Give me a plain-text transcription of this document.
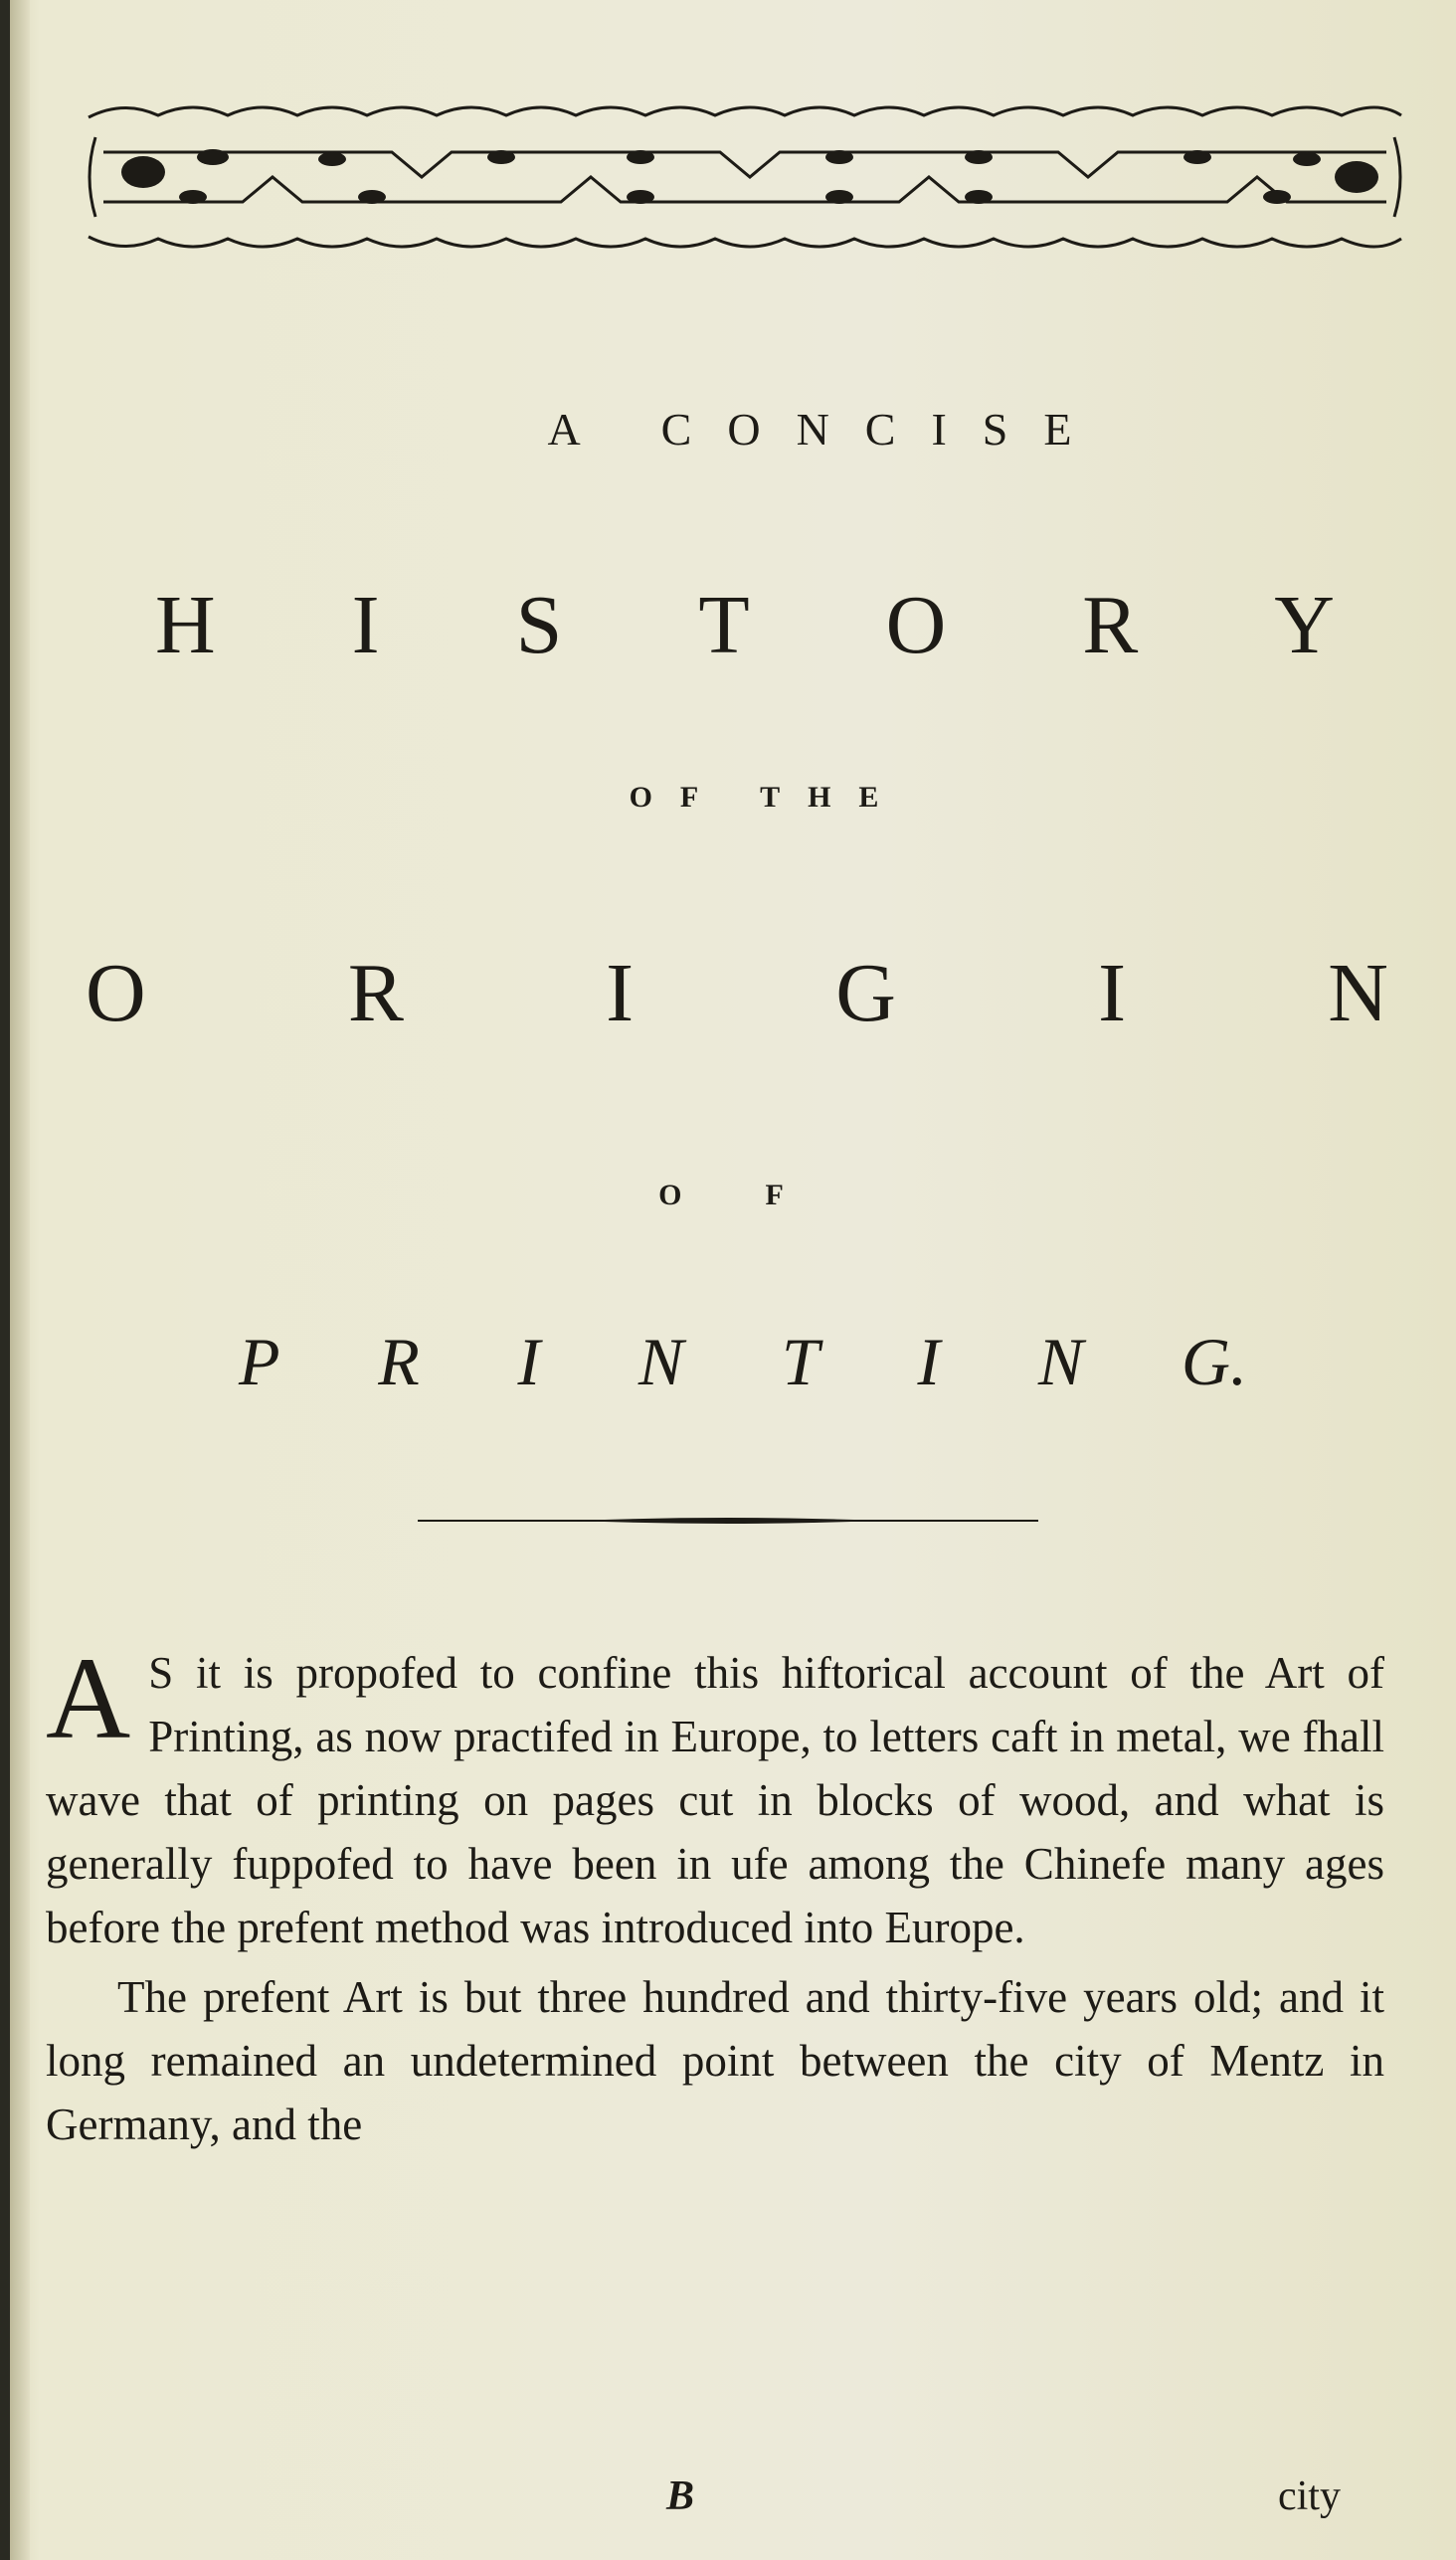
A CONCISE
H I S T O R Y
OF THE
O R I G I N
OF
P R I N T I N G.

A S it is propofed to confine this hiftorical account of the Art of Printing, as now practifed in Europe, to letters caft in metal, we fhall wave that of printing on pages cut in blocks of wood, and what is generally fuppofed to have been in ufe among the Chinefe many ages before the prefent method was introduced into Europe.

The prefent Art is but three hundred and thirty-five years old; and it long remained an undetermined point between the city of Mentz in Germany, and the

B	city
